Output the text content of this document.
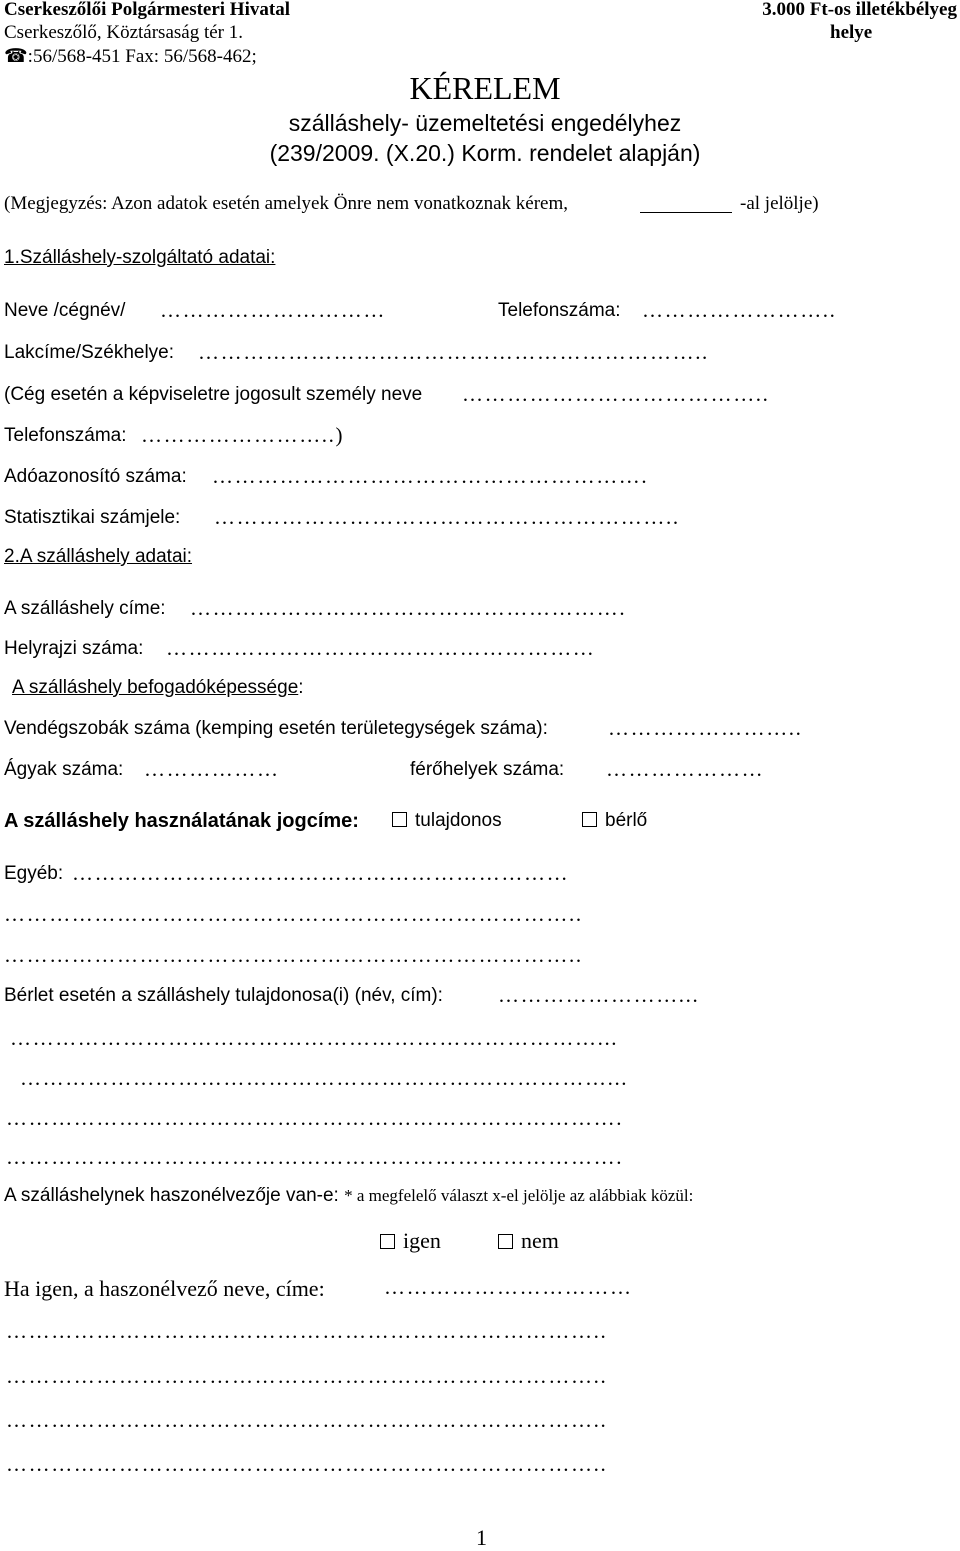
Cserkeszőlői Polgármesteri Hivatal
Cserkeszőlő, Köztársaság tér 1.
☎:56/568-451 Fax: 56/568-462;
3.000 Ft-os illetékbélyeg
helye
KÉRELEM
szálláshely- üzemeltetési engedélyhez
(239/2009. (X.20.) Korm. rendelet alapján)
(Megjegyzés: Azon adatok esetén amelyek Önre nem vonatkoznak kérem,	-al jelölje)
1.Szálláshely-szolgáltató adatai:
Neve /cégnév/ …………………………	Telefonszáma: ……………………..
Lakcíme/Székhelye: …………………………………………………………..
(Cég esetén a képviseletre jogosult személy neve …………………………………..
Telefonszáma: ……………………..)
Adóazonosító száma: ………………………………………………….
Statisztikai számjele: ……………………………………………………..
2.A szálláshely adatai:
A szálláshely címe: ………………………………………………….
Helyrajzi száma: …………………………………………………
A szálláshely befogadóképessége:
Vendégszobák száma (kemping esetén területegységek száma):	……………………..
Ágyak száma: ………………	férőhelyek száma: …………………
A szálláshely használatának jogcíme:	tulajdonos	bérlő
Egyéb: …………………………………………………………
…………………………………………………………………..
…………………………………………………………………..
Bérlet esetén a szálláshely tulajdonosa(i) (név, cím):	……………………...
……………………………………………………………………...
……………………………………………………………………...
……………………………………………………………………….
……………………………………………………………………….
A szálláshelynek haszonélvezője van-e: * a megfelelő választ x-el jelölje az alábbiak közül:
igen	nem
Ha igen, a haszonélvező neve, címe:	……………………………
……………………………………………………………………..
……………………………………………………………………..
……………………………………………………………………..
……………………………………………………………………..
1
